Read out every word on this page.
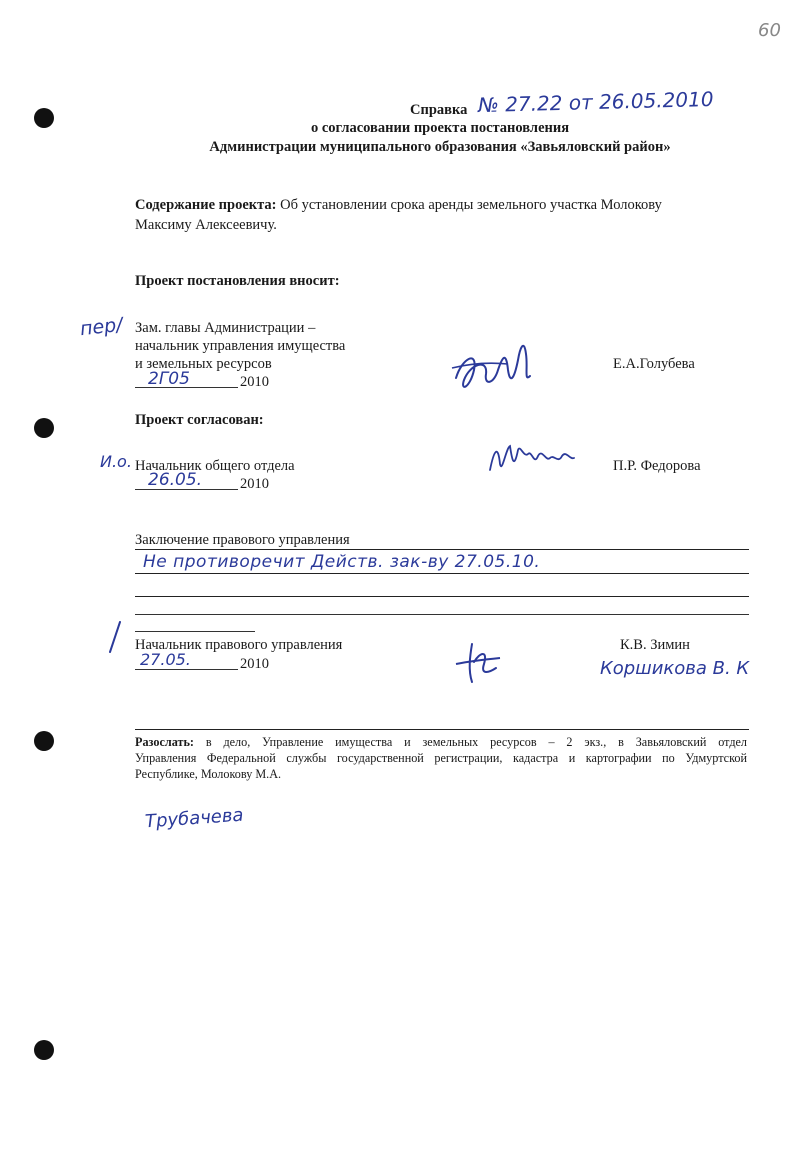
60
Справка № 27.22 от 26.05.2010
о согласовании проекта постановления
Администрации муниципального образования «Завьяловский район»
Содержание проекта: Об установлении срока аренды земельного участка Молокову
Максиму Алексеевичу.
Проект постановления вносит:
пер/ Зам. главы Администрации –
начальник управления имущества
и земельных ресурсов
2Г05	2010
Е.А.Голубева
Проект согласован:
И.о. Начальник общего отдела
26.05.	2010
П.Р. Федорова
Заключение правового управления
Не противоречит Действ. зак-ву 27.05.10.
Начальник правового управления
27.05.	2010
К.В. Зимин
Коршикова В. К
Разослать: в дело, Управление имущества и земельных ресурсов – 2 экз., в Завьяловский отдел
Управления Федеральной службы государственной регистрации, кадастра и картографии по Удмуртской
Республике, Молокову М.А.
Трубачева
